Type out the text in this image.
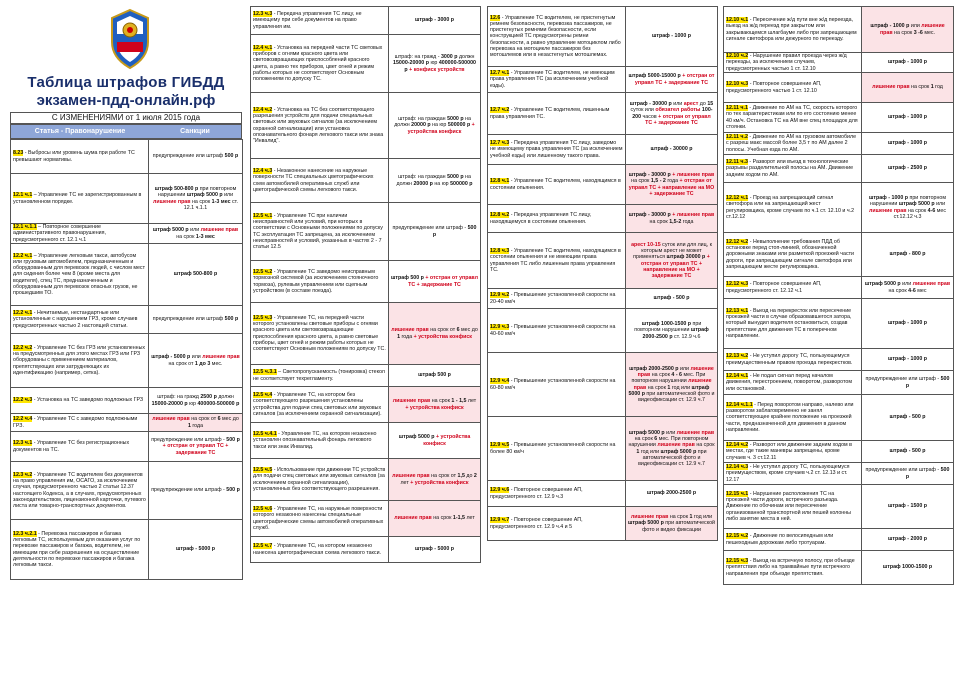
Таблица штрафов ГИБДД
экзамен-пдд-онлайн.рф
С ИЗМЕНЕНИЯМИ от 1 июля 2015 года
Статья - Правонарушение	Санкции
8.23 - Выбросы или уровень шума при работе ТС превышают нормативы.	предупреждение или штраф 500 р
12.1 ч.1 – Управление ТС не зарегистрированным в установленном порядке.	штраф 500-800 р при повторном нарушении штраф 5000 р или лишение прав на срок 1-3 мес ст. 12.1 ч.1.1
12.1 ч.1.1 – Повторное совершение административного правонарушения, предусмотренного ст. 12.1 ч.1	штраф 5000 р или лишение прав на срок 1-3 мес
12.2 ч.1 – Управление легковым такси, автобусом или грузовым автомобилем, предназначенным и оборудованным для перевозок людей, с числом мест для сидения более чем 8 (кроме места для водителя), спец ТС, предназначенным и оборудованным для перевозок опасных грузов, не прошедшим ТО.	штраф 500-800 р
12.2 ч.1 - Нечитаемые, нестандартные или установленные с нарушением ГРЗ, кроме случаев предусмотренных частью 2 настоящей статьи.	предупреждение или штраф 500 р
12.2 ч.2 - Управление ТС без ГРЗ или установленных на предусмотренных для этого местах ГРЗ или ГРЗ оборудованы с применением материалов, препятствующих или затрудняющих их идентификацию (например, сетка).	штраф - 5000 р или лишение прав на срок от 1 до 3 мес.
12.2 ч.3 - Установка на ТС заведомо подложных ГРЗ	штраф: на гражд 2500 р должн 15000-20000 р юр 400000-500000 р
12.2 ч.4 - Управление ТС с заведомо подложными ГРЗ.	лишение прав на срок от 6 мес до 1 года
12.3 ч.1 - Управление ТС без регистрационных документов на ТС.	предупреждение или штраф - 500 р + отстран от управл ТС + задержание ТС
12.3 ч.2 - Управление ТС водителем без документов на право управления им, ОСАГО, за исключением случая, предусмотренного частью 2 статьи 12.37 настоящего Кодекса, а в случаях, предусмотренных законодательством, лицензионной карточки, путевого листа или товарно-транспортных документов.	предупреждение или штраф - 500 р
12.3 ч.2.1 - Перевозка пассажиров и багажа легковым ТС, используемым для оказания услуг по перевозке пассажиров и багажа, водителем, не имеющим при себе разрешения на осуществление деятельности по перевозке пассажиров и багажа легковым такси.	штраф - 5000 р
12.3 ч.3 - Передача управления ТС лицу, не имеющему при себе документов на право управления им.	штраф - 3000 р
12.4 ч.1 - Установка на передней части ТС световых приборов с огнями красного цвета или световозвращающих приспособлений красного цвета, а равно тех приборов, цвет огней и режим работы которых не соответствуют Основным положениям по допуску ТС.	штраф: на гражд - 3000 р должн 15000-20000 р юр 400000-500000 р + конфиск устройств
12.4 ч.2 - Установка на ТС без соответствующего разрешения устройств для подачи специальных световых или звуковых сигналов (за исключением охранной сигнализации) или установка опознавательного фонаря легкового такси или знака "Инвалид".	штраф: на граждан 5000 р на должн 20000 р на юр 500000 р + устройства конфиск
12.4 ч.3 - Незаконное нанесение на наружные поверхности ТС специальных цветографических схем автомобилей оперативных служб или цветографической схемы легкового такси.	штраф: на граждан 5000 р на должн 20000 р на юр 500000 р
12.5 ч.1 - Управление ТС при наличии неисправностей или условий, при которых в соответствии с Основными положениями по допуску ТС эксплуатация ТС запрещена, за исключением неисправностей и условий, указанных в частях 2 - 7 статьи 12.5	предупреждение или штраф - 500 р
12.5 ч.2 - Управление ТС заведомо неисправным тормозной системой (за исключением стояночного тормоза), рулевым управлением или сцепным устройством (в составе поезда).	штраф 500 р + отстран от управл ТС + задержание ТС
12.5 ч.3 - Управление ТС, на передней части которого установлены световые приборы с огнями красного цвета или световозвращающие приспособления красного цвета, а равно световые приборы, цвет огней и режим работы которых не соответствуют Основным положениям по допуску ТС.	лишение прав на срок от 6 мес до 1 года + устройства конфиск
12.5 ч.3.1 – Светопропускаемость (тонировка) стекол не соответствует техрегламенту.	штраф 500 р
12.5 ч.4 - Управление ТС, на котором без соответствующего разрешения установлены устройства для подачи спец световых или звуковых сигналов (за исключением охранной сигнализации).	лишение прав на срок 1 - 1,5 лет + устройства конфиск
12.5 ч.4.1 - Управление ТС, на котором незаконно установлен опознавательный фонарь легкового такси или знак Инвалид.	штраф 5000 р + устройства конфиск
12.5 ч.5 - Использование при движении ТС устройств для подачи спец световых или звуковых сигналов (за исключением охранной сигнализации), установленных без соответствующего разрешения.	лишение прав на срок от 1,5 до 2 лет + устройства конфиск
12.5 ч.6 - Управление ТС, на наружные поверхности которого незаконно нанесены специальные цветографические схемы автомобилей оперативных служб.	лишение прав на срок 1-1,5 лет
12.5 ч.7 - Управление ТС, на котором незаконно нанесена цветографическая схема легкового такси.	штраф - 5000 р
12.6 - Управление ТС водителем, не пристегнутым ремнем безопасности, перевозка пассажиров, не пристегнутых ремнями безопасности, если конструкцией ТС предусмотрены ремни безопасности, а равно управление мотоциклом либо перевозка на мотоцикле пассажиров без мотошлемов или в незастегнутых мотошлемах.	штраф - 1000 р
12.7 ч.1 - Управление ТС водителем, не имеющим права управления ТС (за исключением учебной езды).	штраф 5000-15000 р + отстран от управл ТС + задержание ТС
12.7 ч.2 - Управление ТС водителем, лишенным права управления ТС.	штраф - 30000 р или арест до 15 суток или обязател работы 100-200 часов + отстран от управл ТС + задержание ТС
12.7 ч.3 - Передача управления ТС лицу, заведомо не имеющему права управления ТС (за исключением учебной езды) или лишенному такого права.	штраф - 30000 р
12.8 ч.1 - Управление ТС водителем, находящимся в состоянии опьянения.	штраф - 30000 р + лишение прав на срок 1,5 - 2 года + отстран от управл ТС + направление на МО + задержание ТС
12.8 ч.2 - Передача управления ТС лицу, находящемуся в состоянии опьянения.	штраф - 30000 р + лишение прав на срок 1,5-2 года
12.8 ч.3 - Управление ТС водителем, находящимся в состоянии опьянения и не имеющим права управления ТС либо лишенным права управления ТС.	арест 10-15 суток или для лиц, к которым арест не может применяться штраф 30000 р + отстран от управл ТС + направление на МО + задержание ТС
12.9 ч.2 - Превышение установленной скорости на 20-40 км/ч	штраф - 500 р
12.9 ч.3 - Превышение установленной скорости на 40-60 км/ч	штраф 1000-1500 р при повторном нарушении штраф 2000-2500 р ст. 12.9 ч.6
12.9 ч.4 - Превышение установленной скорости на 60-80 км/ч	штраф 2000-2500 р или лишение прав на срок 4 - 6 мес. При повторном нарушении лишение прав на срок 1 год или штраф 5000 р при автоматической фото и видеофиксации ст. 12.9 ч.7
12.9 ч.5 - Превышение установленной скорости на более 80 км/ч	штраф 5000 р или лишение прав на срок 6 мес. При повторном нарушении лишение прав на срок 1 год или штраф 5000 р при автоматической фото и видеофиксации ст. 12.9 ч.7
12.9 ч.6 - Повторное совершение АП, предусмотренного ст. 12.9 ч.3	штраф 2000-2500 р
12.9 ч.7 - Повторное совершение АП, предусмотренного ст. 12.9 ч.4 и 5	лишение прав на срок 1 год или штраф 5000 р при автоматической фото и видео фиксации
12.10 ч.1 - Пересечение ж/д пути вне ж/д переезда, выезд на ж/д переезд при закрытом или закрывающемся шлагбауме либо при запрещающем сигнале светофора или дежурного по переезду.	штраф - 1000 р или лишение прав на срок 3 -6 мес.
12.10 ч.2 - Нарушение правил проезда через ж/д переезды, за исключением случаев, предусмотренных частью 1 ст. 12.10	штраф - 1000 р
12.10 ч.3 - Повторное совершение АП, предусмотренного частью 1 ст. 12.10	лишение прав на срок 1 год
12.11 ч.1 - Движение по АМ на ТС, скорость которого по тех характеристикам или по его состоянию менее 40 км/ч. Остановка ТС на АМ вне спец площадок для стоянки.	штраф - 1000 р
12.11 ч.2 - Движение по АМ на грузовом автомобиле с разреш макс массой более 3,5 т по АМ далее 2 полосы. Учебная езда по АМ.	штраф - 1000 р
12.11 ч.3 - Разворот или въезд в технологические разрывы разделительной полосы на АМ. Движение задним ходом по АМ.	штраф - 2500 р
12.12 ч.1 - Проезд на запрещающий сигнал светофора или на запрещающий жест регулировщика, кроме случаев по ч.1 ст. 12.10 и ч.2 ст.12.12	штраф - 1000 р при повторном нарушении штраф 5000 р или лишение прав на срок 4-6 мес ст.12.12 ч.3
12.12 ч.2 - Невыполнение требования ПДД об остановке перед стоп-линией, обозначенной дорожными знаками или разметкой проезжей части дороги, при запрещающем сигнале светофора или запрещающем жесте регулировщика.	штраф - 800 р
12.12 ч.3 - Повторное совершение АП, предусмотренного ст. 12.12 ч.1	штраф 5000 р или лишение прав на срок 4-6 мес
12.13 ч.1 - Выезд на перекресток или пересечение проезжей части в случае образовавшегося затора, который вынудил водителя остановиться, создав препятствие для движения ТС в поперечном направлении.	штраф - 1000 р
12.13 ч.2 - Не уступил дорогу ТС, пользующемуся преимущественным правом проезда перекрестков.	штраф - 1000 р
12.14 ч.1 - Не подал сигнал перед началом движения, перестроением, поворотом, разворотом или остановкой.	предупреждение или штраф - 500 р
12.14 ч.1.1 - Перед поворотом направо, налево или разворотом заблаговременно не занял соответствующее крайнее положение на проезжей части, предназначенной для движения в данном направлении.	штраф - 500 р
12.14 ч.2 - Разворот или движение задним ходом в местах, где такие маневры запрещены, кроме случаев ч. 3 ст.12.11	штраф - 500 р
12.14 ч.3 - Не уступил дорогу ТС, пользующемуся преимуществом, кроме случаев ч.2 ст. 12.13 и ст. 12.17	предупреждение или штраф - 500 р
12.15 ч.1 - Нарушение расположения ТС на проезжей части дороги, встречного разъезда. Движение по обочинам или пересечение организованной транспортной или пешей колонны либо занятие места в ней.	штраф - 1500 р
12.15 ч.2 - Движение по велосипедным или пешеходным дорожкам либо тротуарам.	штраф - 2000 р
12.15 ч.3 - Выезд на встречную полосу, при объезде препятствия либо на трамвайные пути встречного направления при объезде препятствия.	штраф 1000-1500 р
